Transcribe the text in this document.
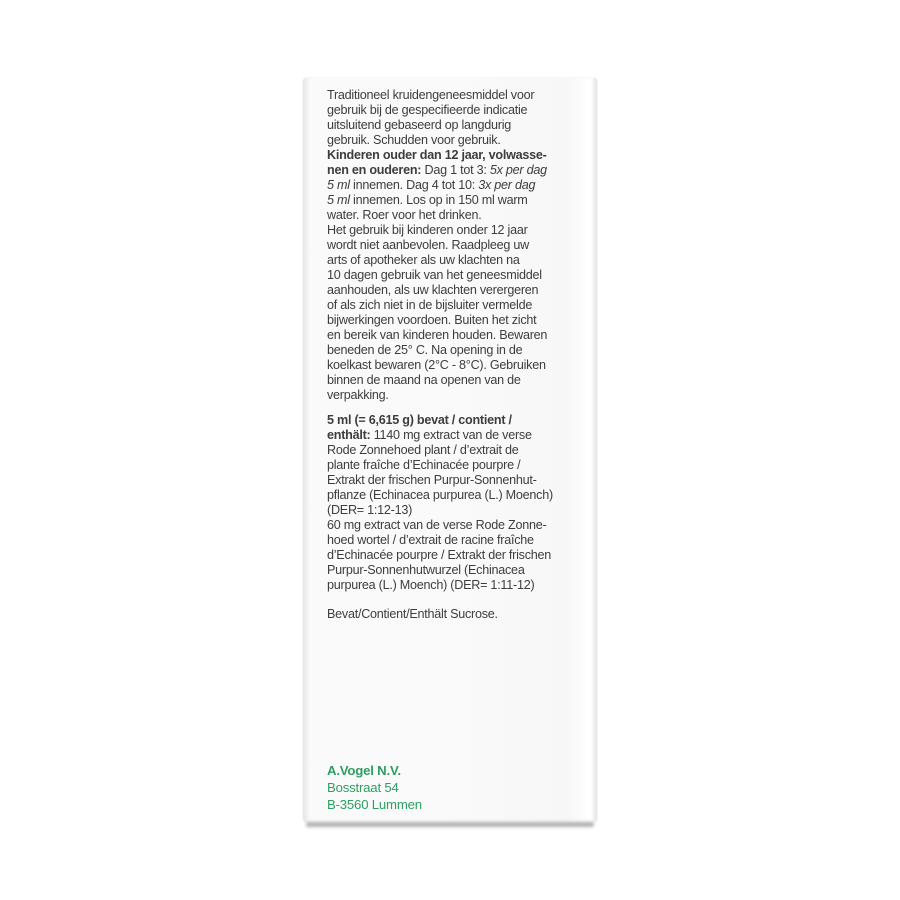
Traditioneel kruidengeneesmiddel voor
gebruik bij de gespecifieerde indicatie
uitsluitend gebaseerd op langdurig
gebruik. Schudden voor gebruik.
Kinderen ouder dan 12 jaar, volwasse-
nen en ouderen: Dag 1 tot 3: 5x per dag
5 ml innemen. Dag 4 tot 10: 3x per dag
5 ml innemen. Los op in 150 ml warm
water. Roer voor het drinken.
Het gebruik bij kinderen onder 12 jaar
wordt niet aanbevolen. Raadpleeg uw
arts of apotheker als uw klachten na
10 dagen gebruik van het geneesmiddel
aanhouden, als uw klachten verergeren
of als zich niet in de bijsluiter vermelde
bijwerkingen voordoen. Buiten het zicht
en bereik van kinderen houden. Bewaren
beneden de 25° C. Na opening in de
koelkast bewaren (2°C - 8°C). Gebruiken
binnen de maand na openen van de
verpakking.
5 ml (= 6,615 g) bevat / contient /
enthält: 1140 mg extract van de verse
Rode Zonnehoed plant / d’extrait de
plante fraîche d’Echinacée pourpre /
Extrakt der frischen Purpur-Sonnenhut-
pflanze (Echinacea purpurea (L.) Moench)
(DER= 1:12-13)
60 mg extract van de verse Rode Zonne-
hoed wortel / d’extrait de racine fraîche
d’Echinacée pourpre / Extrakt der frischen
Purpur-Sonnenhutwurzel (Echinacea
purpurea (L.) Moench) (DER= 1:11-12)
Bevat/Contient/Enthält Sucrose.
A.Vogel N.V.
Bosstraat 54
B-3560 Lummen
